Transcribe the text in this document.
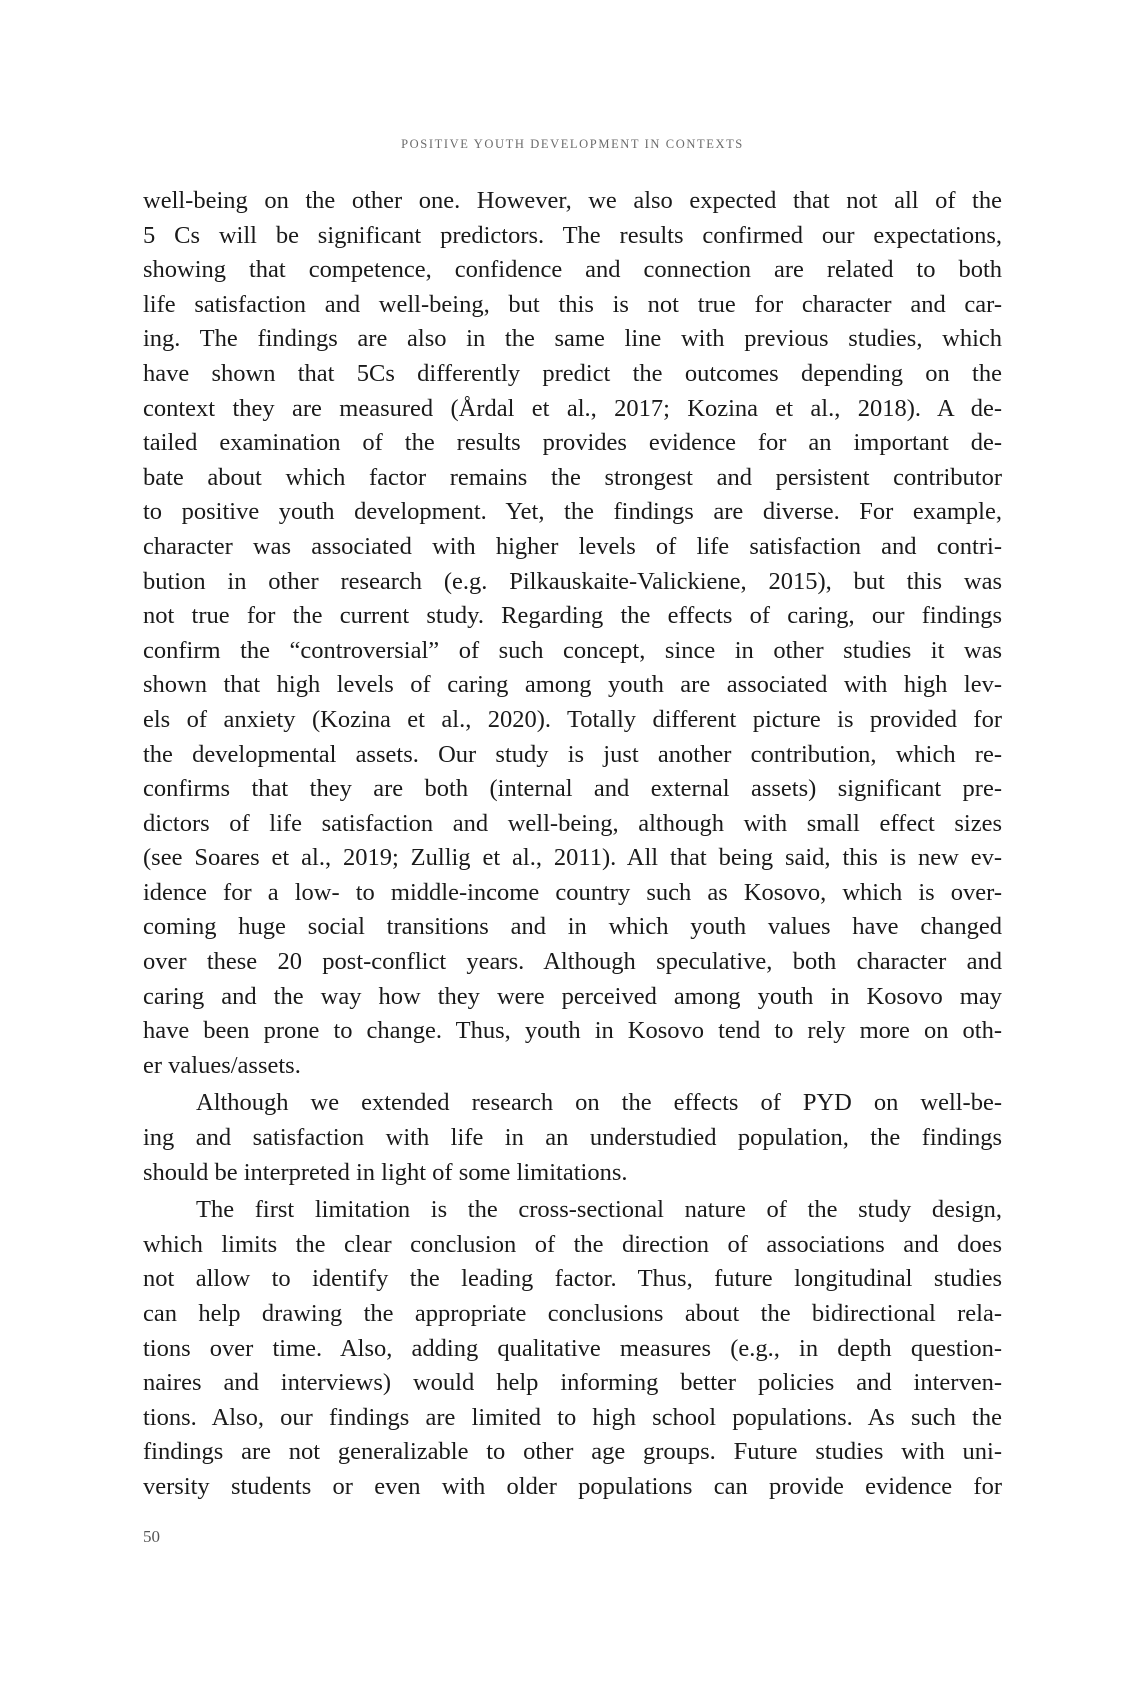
POSITIVE YOUTH DEVELOPMENT IN CONTEXTS
well-being on the other one. However, we also expected that not all of the
5 Cs will be significant predictors. The results confirmed our expectations,
showing that competence, confidence and connection are related to both
life satisfaction and well-being, but this is not true for character and car-
ing. The findings are also in the same line with previous studies, which
have shown that 5Cs differently predict the outcomes depending on the
context they are measured (Årdal et al., 2017; Kozina et al., 2018). A de-
tailed examination of the results provides evidence for an important de-
bate about which factor remains the strongest and persistent contributor
to positive youth development. Yet, the findings are diverse. For example,
character was associated with higher levels of life satisfaction and contri-
bution in other research (e.g. Pilkauskaite-Valickiene, 2015), but this was
not true for the current study. Regarding the effects of caring, our findings
confirm the “controversial” of such concept, since in other studies it was
shown that high levels of caring among youth are associated with high lev-
els of anxiety (Kozina et al., 2020). Totally different picture is provided for
the developmental assets. Our study is just another contribution, which re-
confirms that they are both (internal and external assets) significant pre-
dictors of life satisfaction and well-being, although with small effect sizes
(see Soares et al., 2019; Zullig et al., 2011). All that being said, this is new ev-
idence for a low- to middle-income country such as Kosovo, which is over-
coming huge social transitions and in which youth values have changed
over these 20 post-conflict years. Although speculative, both character and
caring and the way how they were perceived among youth in Kosovo may
have been prone to change. Thus, youth in Kosovo tend to rely more on oth-
er values/assets.
Although we extended research on the effects of PYD on well-be-
ing and satisfaction with life in an understudied population, the findings
should be interpreted in light of some limitations.
The first limitation is the cross-sectional nature of the study design,
which limits the clear conclusion of the direction of associations and does
not allow to identify the leading factor. Thus, future longitudinal studies
can help drawing the appropriate conclusions about the bidirectional rela-
tions over time. Also, adding qualitative measures (e.g., in depth question-
naires and interviews) would help informing better policies and interven-
tions. Also, our findings are limited to high school populations. As such the
findings are not generalizable to other age groups. Future studies with uni-
versity students or even with older populations can provide evidence for
50
